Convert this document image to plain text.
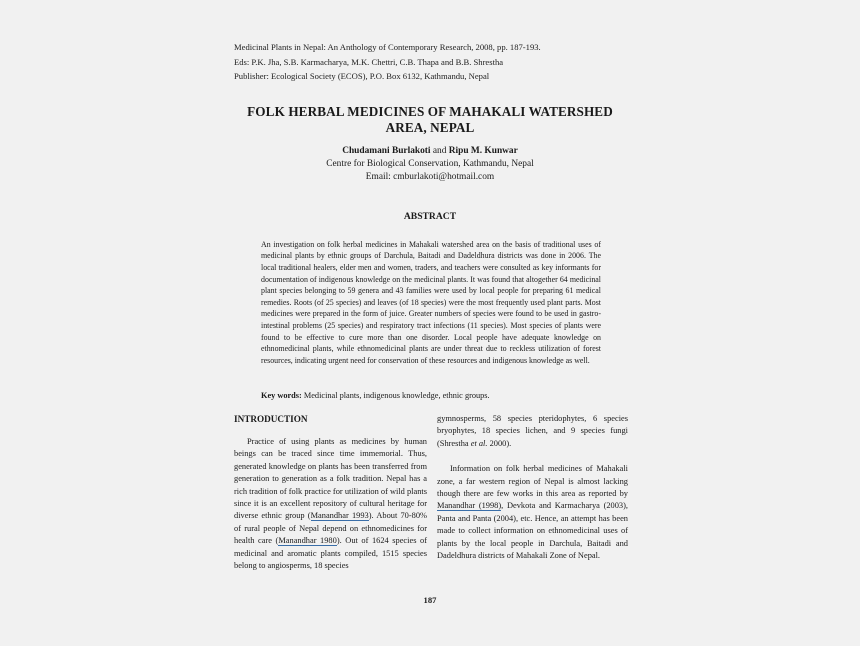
Medicinal Plants in Nepal: An Anthology of Contemporary Research, 2008, pp. 187-193.
Eds: P.K. Jha, S.B. Karmacharya, M.K. Chettri, C.B. Thapa and B.B. Shrestha
Publisher: Ecological Society (ECOS), P.O. Box 6132, Kathmandu, Nepal
FOLK HERBAL MEDICINES OF MAHAKALI WATERSHED
AREA, NEPAL
Chudamani Burlakoti and Ripu M. Kunwar
Centre for Biological Conservation, Kathmandu, Nepal
Email: cmburlakoti@hotmail.com
ABSTRACT

An investigation on folk herbal medicines in Mahakali watershed area on the basis of traditional uses of medicinal plants by ethnic groups of Darchula, Baitadi and Dadeldhura districts was done in 2006. The local traditional healers, elder men and women, traders, and teachers were consulted as key informants for documentation of indigenous knowledge on the medicinal plants. It was found that altogether 64 medicinal plant species belonging to 59 genera and 43 families were used by local people for preparing 61 medical remedies. Roots (of 25 species) and leaves (of 18 species) were the most frequently used plant parts. Most medicines were prepared in the form of juice. Greater numbers of species were found to be used in gastro-intestinal problems (25 species) and respiratory tract infections (11 species). Most species of plants were found to be effective to cure more than one disorder. Local people have adequate knowledge on ethnomedicinal plants, while ethnomedicinal plants are under threat due to reckless utilization of forest resources, indicating urgent need for conservation of these resources and indigenous knowledge as well.

Key words: Medicinal plants, indigenous knowledge, ethnic groups.
INTRODUCTION

Practice of using plants as medicines by human beings can be traced since time immemorial. Thus, generated knowledge on plants has been transferred from generation to generation as a folk tradition. Nepal has a rich tradition of folk practice for utilization of wild plants since it is an excellent repository of cultural heritage for diverse ethnic group (Manandhar 1993). About 70-80% of rural people of Nepal depend on ethnomedicines for health care (Manandhar 1980). Out of 1624 species of medicinal and aromatic plants compiled, 1515 species belong to angiosperms, 18 species

gymnosperms, 58 species pteridophytes, 6 species bryophytes, 18 species lichen, and 9 species fungi (Shrestha et al. 2000).

Information on folk herbal medicines of Mahakali zone, a far western region of Nepal is almost lacking though there are few works in this area as reported by Manandhar (1998), Devkota and Karmacharya (2003), Panta and Panta (2004), etc. Hence, an attempt has been made to collect information on ethnomedicinal uses of plants by the local people in Darchula, Baitadi and Dadeldhura districts of Mahakali Zone of Nepal.

187
